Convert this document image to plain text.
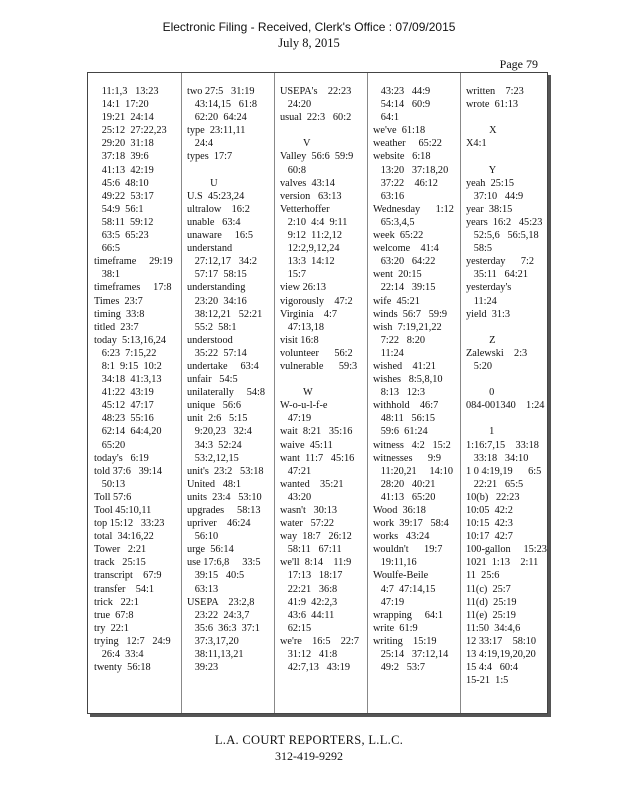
Electronic Filing - Received, Clerk's Office : 07/09/2015
July 8, 2015
Page 79
11:1,3   13:23
14:1  17:20
19:21  24:14
25:12  27:22,23
29:20  31:18
37:18  39:6
41:13  42:19
45:6  48:10
49:22  53:17
54:9  56:1
58:11  59:12
63:5  65:23
66:5
timeframe     29:19
38:1
timeframes     17:8
Times  23:7
timing  33:8
titled  23:7
today  5:13,16,24
6:23  7:15,22
8:1  9:15  10:2
34:18  41:3,13
41:22  43:19
45:12  47:17
48:23  55:16
62:14  64:4,20
65:20
today's   6:19
told 37:6   39:14
50:13
Toll 57:6
Tool 45:10,11
top 15:12   33:23
total  34:16,22
Tower   2:21
track   25:15
transcript    67:9
transfer    54:1
trick   22:1
true  67:8
try  22:1
trying   12:7   24:9
26:4  33:4
twenty  56:18
two 27:5   31:19
43:14,15   61:8
62:20  64:24
type  23:11,11
24:4
types  17:7

U
U.S  45:23,24
ultralow    16:2
unable   63:4
unaware     16:5
understand
27:12,17   34:2
57:17  58:15
understanding
23:20  34:16
38:12,21   52:21
55:2  58:1
understood
35:22  57:14
undertake     63:4
unfair   54:5
unilaterally     54:8
unique   56:6
unit  2:6   5:15
9:20,23   32:4
34:3  52:24
53:2,12,15
unit's  23:2   53:18
United   48:1
units  23:4   53:10
upgrades     58:13
upriver    46:24
56:10
urge  56:14
use 17:6,8     33:5
39:15   40:5
63:13
USEPA    23:2,8
23:22  24:3,7
35:6  36:3  37:1
37:3,17,20
38:11,13,21
39:23
USEPA's    22:23
24:20
usual  22:3   60:2

V
Valley  56:6  59:9
60:8
valves  43:14
version   63:13
Vetterhoffer
2:10  4:4  9:11
9:12  11:2,12
12:2,9,12,24
13:3  14:12
15:7
view 26:13
vigorously    47:2
Virginia    4:7
47:13,18
visit 16:8
volunteer      56:2
vulnerable      59:3

W
W-o-u-l-f-e
47:19
wait  8:21   35:16
waive  45:11
want  11:7   45:16
47:21
wanted    35:21
43:20
wasn't   30:13
water   57:22
way  18:7   26:12
58:11   67:11
we'll  8:14    11:9
17:13   18:17
22:21   36:8
41:9  42:2,3
43:6  44:11
62:15
we're    16:5    22:7
31:12   41:8
42:7,13   43:19
43:23   44:9
54:14   60:9
64:1
we've  61:18
weather     65:22
website   6:18
13:20   37:18,20
37:22    46:12
63:16
Wednesday      1:12
65:3,4,5
week  65:22
welcome    41:4
63:20   64:22
went  20:15
22:14   39:15
wife  45:21
winds  56:7   59:9
wish  7:19,21,22
7:22   8:20
11:24
wished    41:21
wishes   8:5,8,10
8:13   12:3
withhold    46:7
48:11   56:15
59:6  61:24
witness   4:2   15:2
witnesses      9:9
11:20,21     14:10
28:20   40:21
41:13   65:20
Wood  36:18
work  39:17   58:4
works   43:24
wouldn't      19:7
19:11,16
Woulfe-Beile
4:7  47:14,15
47:19
wrapping     64:1
write  61:9
writing    15:19
25:14   37:12,14
49:2   53:7
written    7:23
wrote  61:13

X
X4:1

Y
yeah  25:15
37:10   44:9
year  38:15
years  16:2   45:23
52:5,6   56:5,18
58:5
yesterday      7:2
35:11   64:21
yesterday's
11:24
yield  31:3

Z
Zalewski    2:3
5:20

0
084-001340    1:24

1
1:16:7,15    33:18
33:18   34:10
1 0 4:19,19      6:5
22:21   65:5
10(b)   22:23
10:05  42:2
10:15  42:3
10:17  42:7
100-gallon     15:23
1021  1:13    2:11
11  25:6
11(c)  25:7
11(d)  25:19
11(e)  25:19
11:50  34:4,6
12 33:17    58:10
13 4:19,19,20,20
15 4:4   60:4
15-21  1:5
L.A. COURT REPORTERS, L.L.C.
312-419-9292
